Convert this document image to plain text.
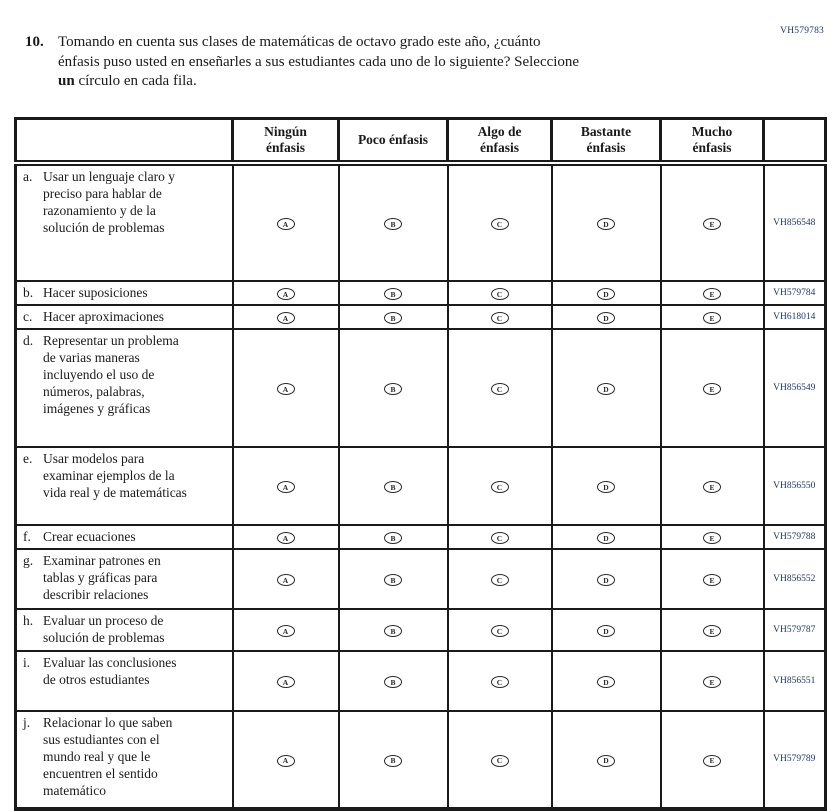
VH579783
10. Tomando en cuenta sus clases de matemáticas de octavo grado este año, ¿cuánto
énfasis puso usted en enseñarles a sus estudiantes cada uno de lo siguiente? Seleccione
un círculo en cada fila.

	Ningún
énfasis	Poco énfasis	Algo de
énfasis	Bastante
énfasis	Mucho
énfasis	

a. Usar un lenguaje claro y preciso para hablar de razonamiento y de la solución de problemas	A	B	C	D	E	VH856548

b. Hacer suposiciones	A	B	C	D	E	VH579784

c. Hacer aproximaciones	A	B	C	D	E	VH618014

d. Representar un problema de varias maneras incluyendo el uso de números, palabras, imágenes y gráficas	A	B	C	D	E	VH856549

e. Usar modelos para examinar ejemplos de la vida real y de matemáticas	A	B	C	D	E	VH856550

f. Crear ecuaciones	A	B	C	D	E	VH579788

g. Examinar patrones en tablas y gráficas para describir relaciones	A	B	C	D	E	VH856552

h. Evaluar un proceso de solución de problemas	A	B	C	D	E	VH579787

i. Evaluar las conclusiones de otros estudiantes	A	B	C	D	E	VH856551

j. Relacionar lo que saben sus estudiantes con el mundo real y que le encuentren el sentido matemático	A	B	C	D	E	VH579789
